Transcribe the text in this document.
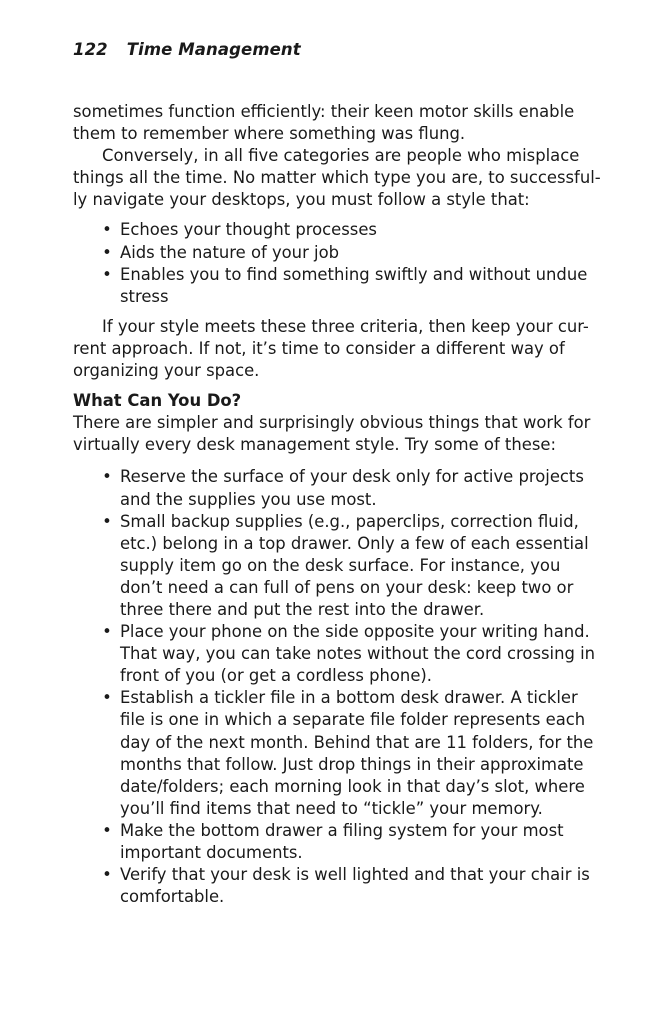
122 Time Management
sometimes function efficiently: their keen motor skills enable
them to remember where something was flung.
Conversely, in all five categories are people who misplace
things all the time. No matter which type you are, to successful-
ly navigate your desktops, you must follow a style that:
• Echoes your thought processes
• Aids the nature of your job
• Enables you to find something swiftly and without undue
stress
If your style meets these three criteria, then keep your cur-
rent approach. If not, it’s time to consider a different way of
organizing your space.
What Can You Do?
There are simpler and surprisingly obvious things that work for
virtually every desk management style. Try some of these:
• Reserve the surface of your desk only for active projects
and the supplies you use most.
• Small backup supplies (e.g., paperclips, correction fluid,
etc.) belong in a top drawer. Only a few of each essential
supply item go on the desk surface. For instance, you
don’t need a can full of pens on your desk: keep two or
three there and put the rest into the drawer.
• Place your phone on the side opposite your writing hand.
That way, you can take notes without the cord crossing in
front of you (or get a cordless phone).
• Establish a tickler file in a bottom desk drawer. A tickler
file is one in which a separate file folder represents each
day of the next month. Behind that are 11 folders, for the
months that follow. Just drop things in their approximate
date/folders; each morning look in that day’s slot, where
you’ll find items that need to “tickle” your memory.
• Make the bottom drawer a filing system for your most
important documents.
• Verify that your desk is well lighted and that your chair is
comfortable.
